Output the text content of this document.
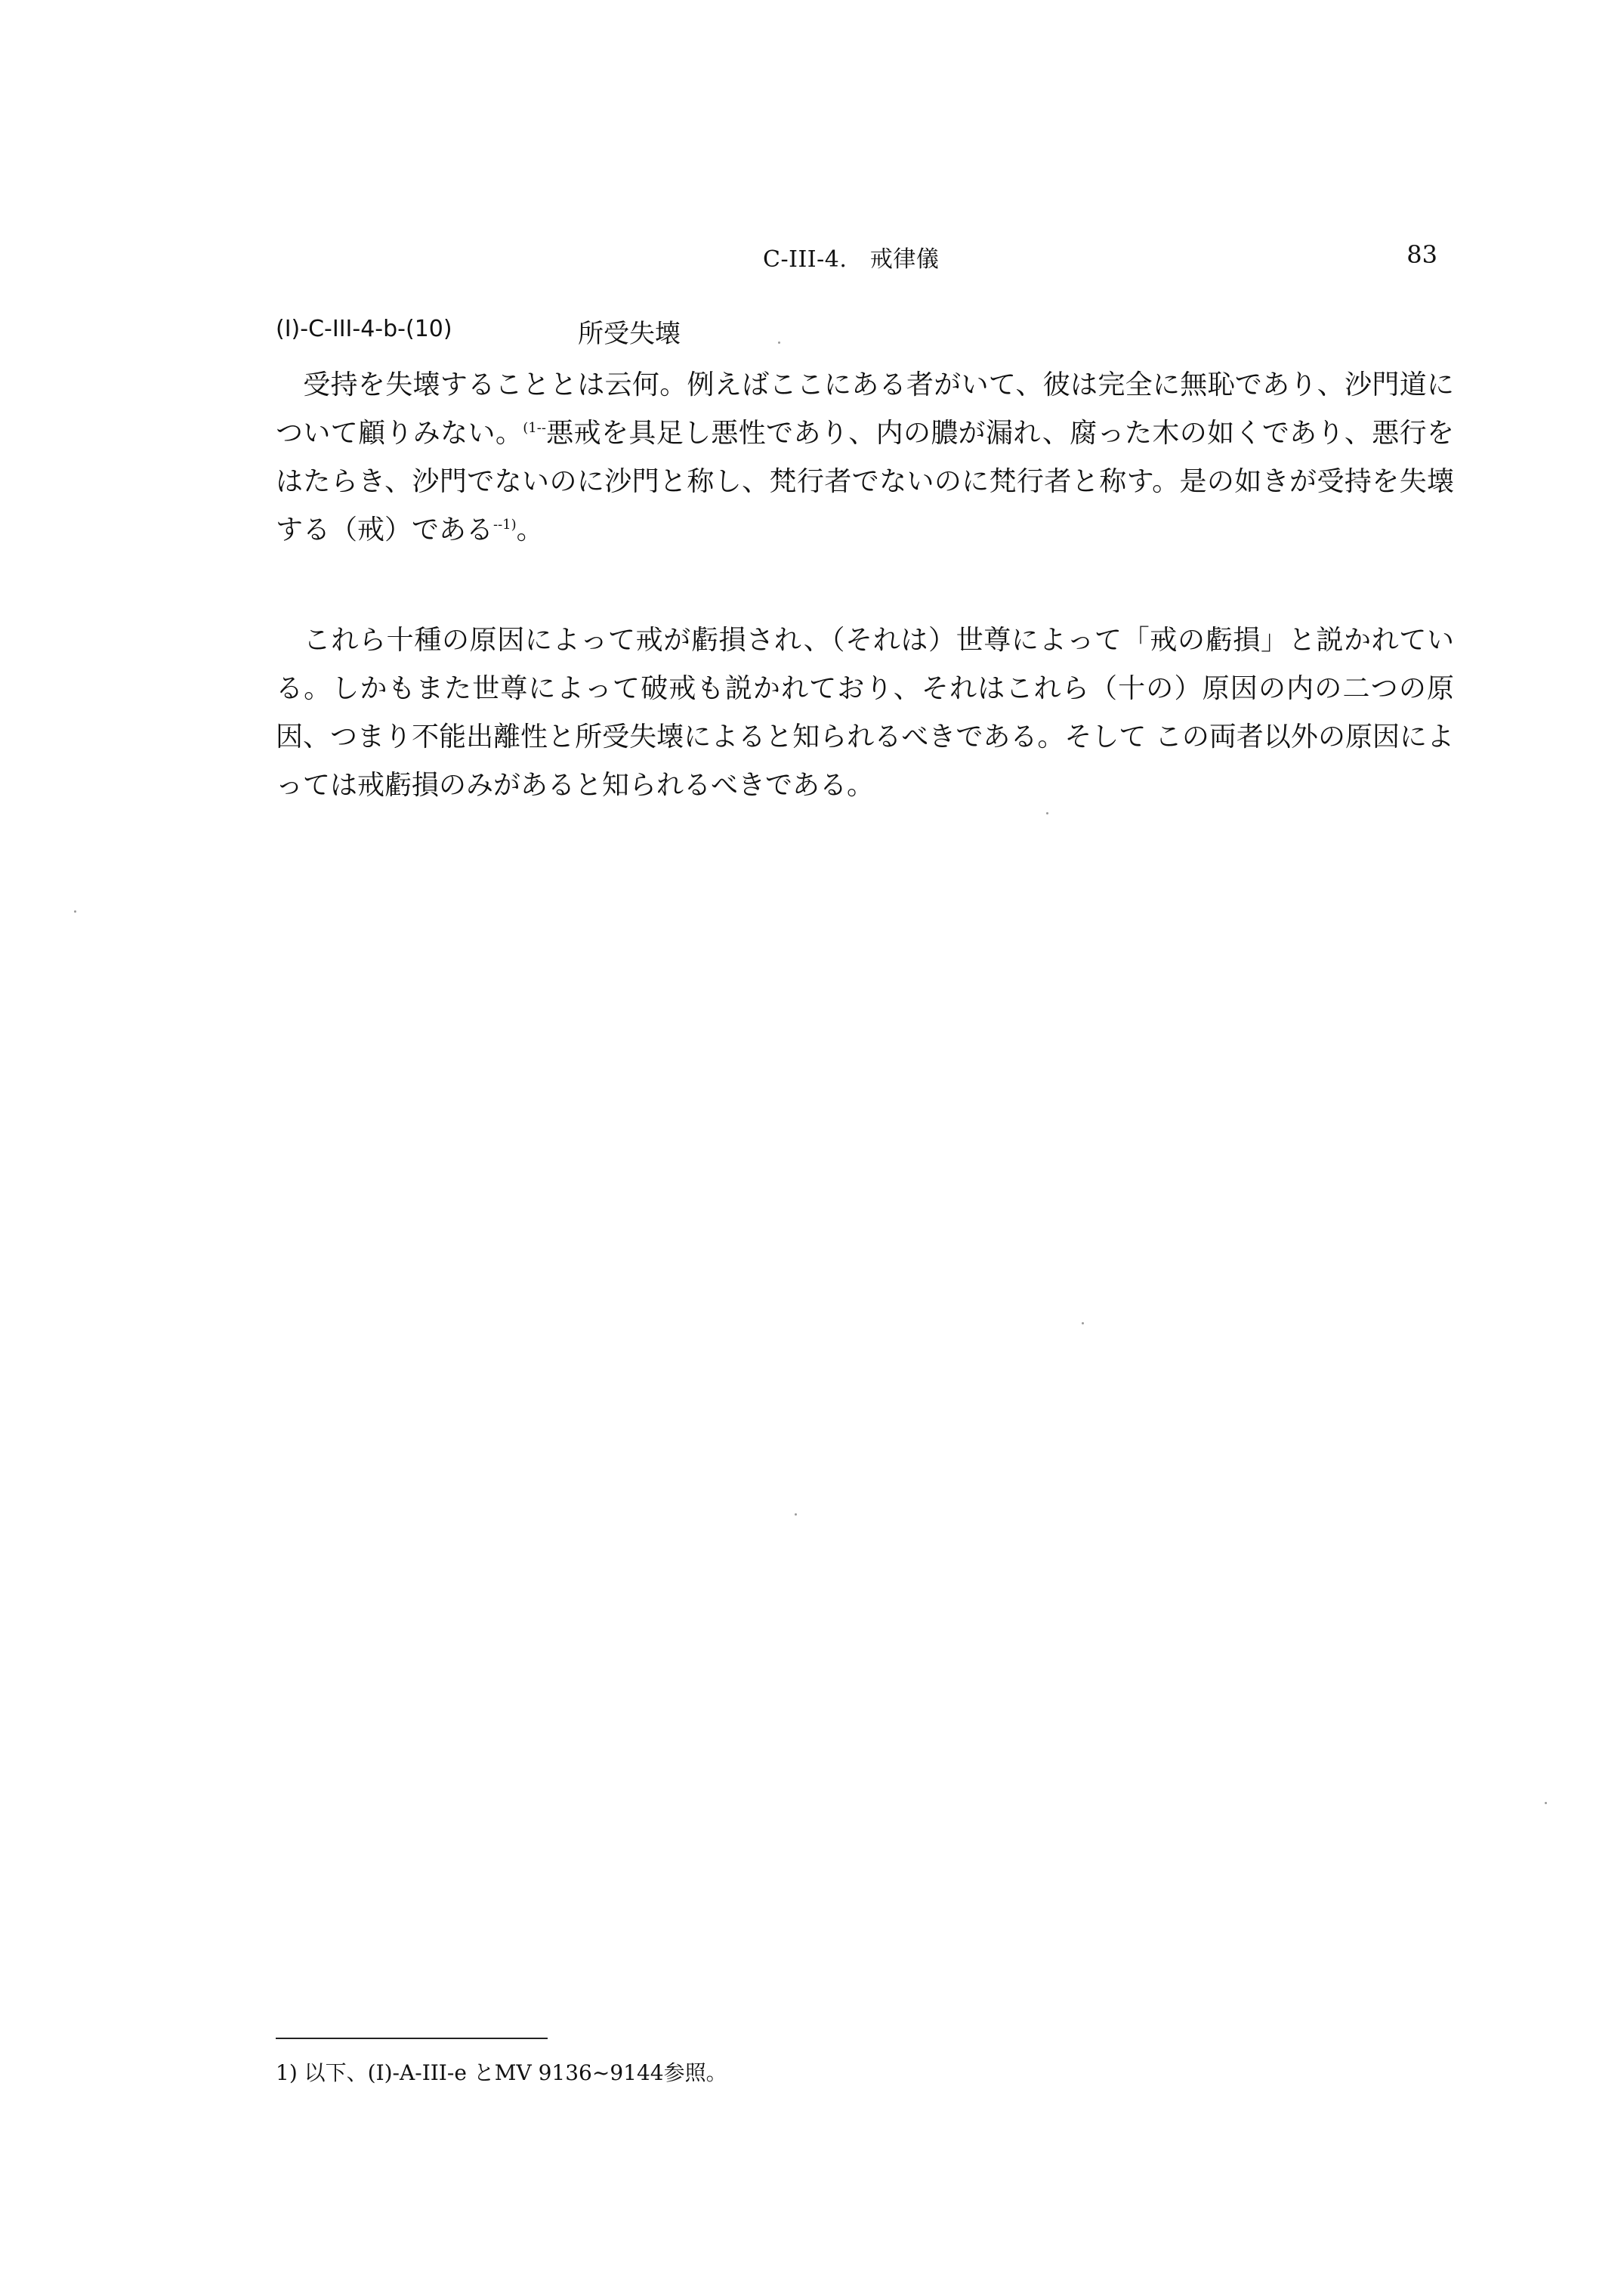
C-III-4.　戒律儀	83
(I)-C-III-4-b-(10)	所受失壊

受持を失壊することとは云何。例えばここにある者がいて、彼は完全に無恥であり、沙門道について顧りみない。$^{(1--}$悪戒を具足し悪性であり、内の膿が漏れ、腐った木の如くであり、悪行をはたらき、沙門でないのに沙門と称し、梵行者でないのに梵行者と称す。是の如きが受持を失壊する（戒）である$^{--1)}$。

これら十種の原因によって戒が虧損され、（それは）世尊によって「戒の虧損」と説かれている。しかもまた世尊によって破戒も説かれており、それはこれら（十の）原因の内の二つの原因、つまり不能出離性と所受失壊によると知られるべきである。そして この両者以外の原因によっては戒虧損のみがあると知られるべきである。

1) 以下、(I)-A-III-e とMV 9136~9144参照。
